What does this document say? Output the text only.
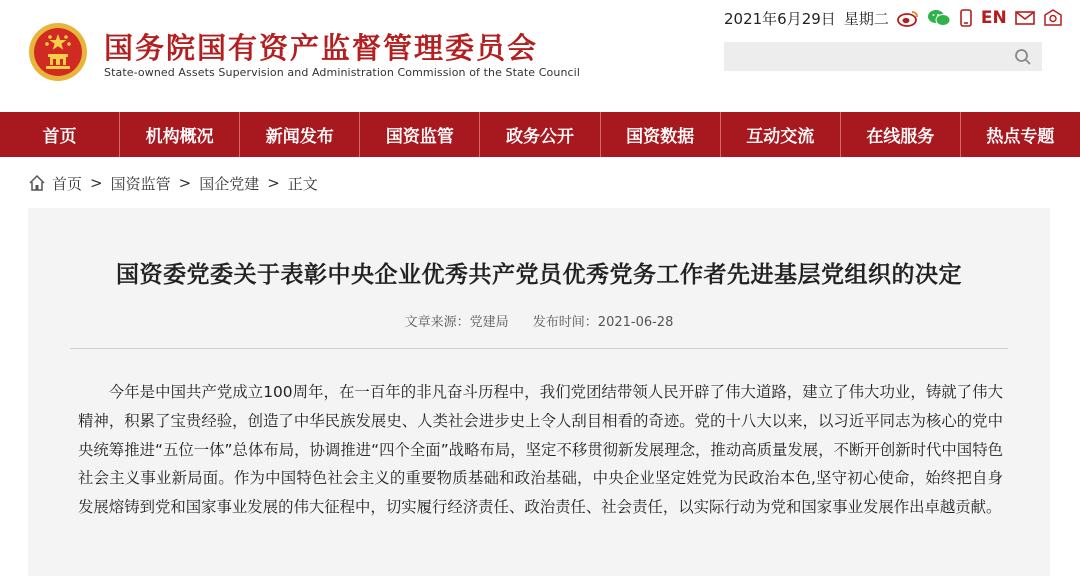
国务院国有资产监督管理委员会
State-owned Assets Supervision and Administration Commission of the State Council
2021年6月29日 星期二	EN
首页	机构概况	新闻发布	国资监管	政务公开	国资数据	互动交流	在线服务	热点专题
首页 > 国资监管 > 国企党建 > 正文
国资委党委关于表彰中央企业优秀共产党员优秀党务工作者先进基层党组织的决定
文章来源：党建局 发布时间：2021-06-28

今年是中国共产党成立100周年，在一百年的非凡奋斗历程中，我们党团结带领人民开辟了伟大道路，建立了伟大功业，铸就了伟大精神，积累了宝贵经验，创造了中华民族发展史、人类社会进步史上令人刮目相看的奇迹。党的十八大以来，以习近平同志为核心的党中央统筹推进“五位一体”总体布局，协调推进“四个全面”战略布局，坚定不移贯彻新发展理念，推动高质量发展，不断开创新时代中国特色社会主义事业新局面。作为中国特色社会主义的重要物质基础和政治基础，中央企业坚定姓党为民政治本色,坚守初心使命，始终把自身发展熔铸到党和国家事业发展的伟大征程中，切实履行经济责任、政治责任、社会责任，以实际行动为党和国家事业发展作出卓越贡献。
